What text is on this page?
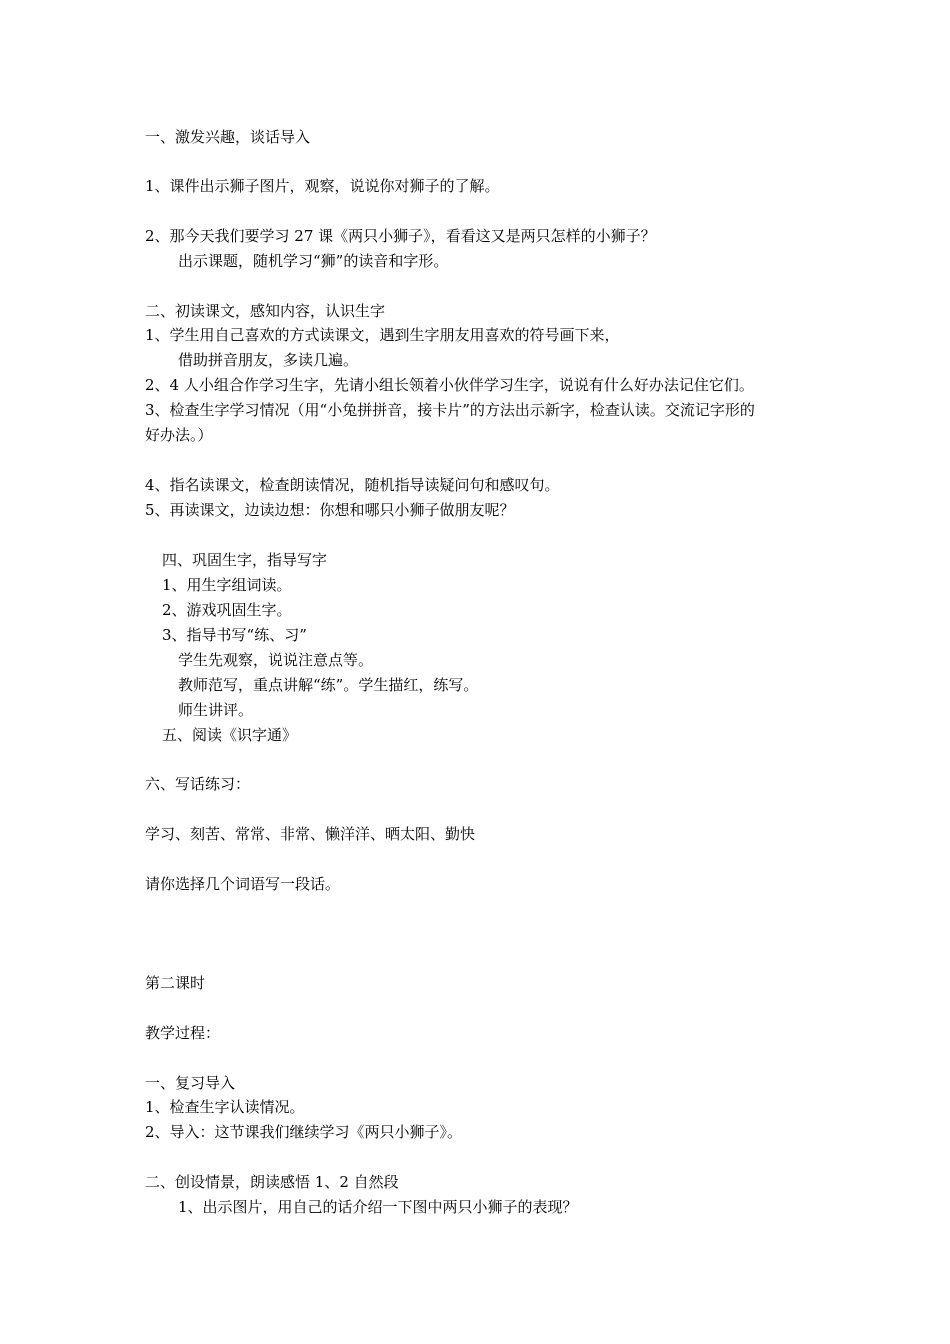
一、激发兴趣，谈话导入
1、课件出示狮子图片，观察，说说你对狮子的了解。
2、那今天我们要学习 27 课《两只小狮子》，看看这又是两只怎样的小狮子？
出示课题，随机学习“狮”的读音和字形。
二、初读课文，感知内容，认识生字
1、学生用自己喜欢的方式读课文，遇到生字朋友用喜欢的符号画下来，
借助拼音朋友，多读几遍。
2、4 人小组合作学习生字，先请小组长领着小伙伴学习生字，说说有什么好办法记住它们。
3、检查生字学习情况（用“小兔拼拼音，接卡片”的方法出示新字，检查认读。交流记字形的
好办法。）
4、指名读课文，检查朗读情况，随机指导读疑问句和感叹句。
5、再读课文，边读边想：你想和哪只小狮子做朋友呢？
四、巩固生字，指导写字
1、用生字组词读。
2、游戏巩固生字。
3、指导书写“练、习”
学生先观察，说说注意点等。
教师范写，重点讲解“练”。学生描红，练写。
师生讲评。
五、阅读《识字通》
六、写话练习：
学习、刻苦、常常、非常、懒洋洋、晒太阳、勤快
请你选择几个词语写一段话。
第二课时
教学过程：
一、复习导入
1、检查生字认读情况。
2、导入：这节课我们继续学习《两只小狮子》。
二、创设情景，朗读感悟 1、2 自然段
1、出示图片，用自己的话介绍一下图中两只小狮子的表现？
